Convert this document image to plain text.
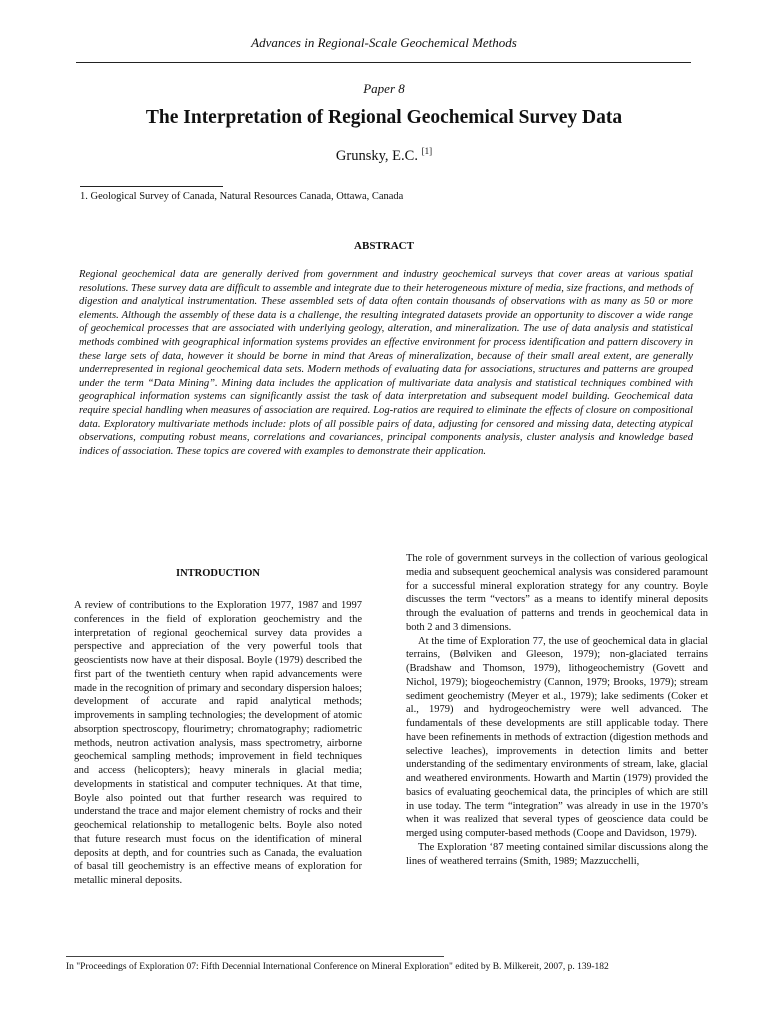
Advances in Regional-Scale Geochemical Methods
Paper 8
The Interpretation of Regional Geochemical Survey Data
Grunsky, E.C. [1]
1. Geological Survey of Canada, Natural Resources Canada, Ottawa, Canada
ABSTRACT
Regional geochemical data are generally derived from government and industry geochemical surveys that cover areas at various spatial resolutions. These survey data are difficult to assemble and integrate due to their heterogeneous mixture of media, size fractions, and methods of digestion and analytical instrumentation. These assembled sets of data often contain thousands of observations with as many as 50 or more elements. Although the assembly of these data is a challenge, the resulting integrated datasets provide an opportunity to discover a wide range of geochemical processes that are associated with underlying geology, alteration, and mineralization. The use of data analysis and statistical methods combined with geographical information systems provides an effective environment for process identification and pattern discovery in these large sets of data, however it should be borne in mind that Areas of mineralization, because of their small areal extent, are generally underrepresented in regional geochemical data sets. Modern methods of evaluating data for associations, structures and patterns are grouped under the term “Data Mining”. Mining data includes the application of multivariate data analysis and statistical techniques combined with geographical information systems can significantly assist the task of data interpretation and subsequent model building. Geochemical data require special handling when measures of association are required. Log-ratios are required to eliminate the effects of closure on compositional data. Exploratory multivariate methods include: plots of all possible pairs of data, adjusting for censored and missing data, detecting atypical observations, computing robust means, correlations and covariances, principal components analysis, cluster analysis and knowledge based indices of association. These topics are covered with examples to demonstrate their application.
INTRODUCTION

A review of contributions to the Exploration 1977, 1987 and 1997 conferences in the field of exploration geochemistry and the interpretation of regional geochemical survey data provides a perspective and appreciation of the very powerful tools that geoscientists now have at their disposal. Boyle (1979) described the first part of the twentieth century when rapid advancements were made in the recognition of primary and secondary dispersion haloes; development of accurate and rapid analytical methods; improvements in sampling technologies; the development of atomic absorption spectroscopy, flourimetry; chromatography; radiometric methods, neutron activation analysis, mass spectrometry, airborne geochemical sampling methods; improvement in field techniques and access (helicopters); heavy minerals in glacial media; developments in statistical and computer techniques. At that time, Boyle also pointed out that further research was required to understand the trace and major element chemistry of rocks and their geochemical relationship to metallogenic belts. Boyle also noted that future research must focus on the identification of mineral deposits at depth, and for countries such as Canada, the evaluation of basal till geochemistry is an effective means of exploration for metallic mineral deposits.

The role of government surveys in the collection of various geological media and subsequent geochemical analysis was considered paramount for a successful mineral exploration strategy for any country. Boyle discusses the term “vectors” as a means to identify mineral deposits through the evaluation of patterns and trends in geochemical data in both 2 and 3 dimensions.

At the time of Exploration 77, the use of geochemical data in glacial terrains, (Bølviken and Gleeson, 1979); non-glaciated terrains (Bradshaw and Thomson, 1979), lithogeochemistry (Govett and Nichol, 1979); biogeochemistry (Cannon, 1979; Brooks, 1979); stream sediment geochemistry (Meyer et al., 1979); lake sediments (Coker et al., 1979) and hydrogeochemistry were well advanced. The fundamentals of these developments are still applicable today. There have been refinements in methods of extraction (digestion methods and selective leaches), improvements in detection limits and better understanding of the sedimentary environments of stream, lake, glacial and weathered environments. Howarth and Martin (1979) provided the basics of evaluating geochemical data, the principles of which are still in use today. The term “integration” was already in use in the 1970’s when it was realized that several types of geoscience data could be merged using computer-based methods (Coope and Davidson, 1979).

The Exploration ‘87 meeting contained similar discussions along the lines of weathered terrains (Smith, 1989; Mazzucchelli,

In "Proceedings of Exploration 07: Fifth Decennial International Conference on Mineral Exploration" edited by B. Milkereit, 2007, p. 139-182
